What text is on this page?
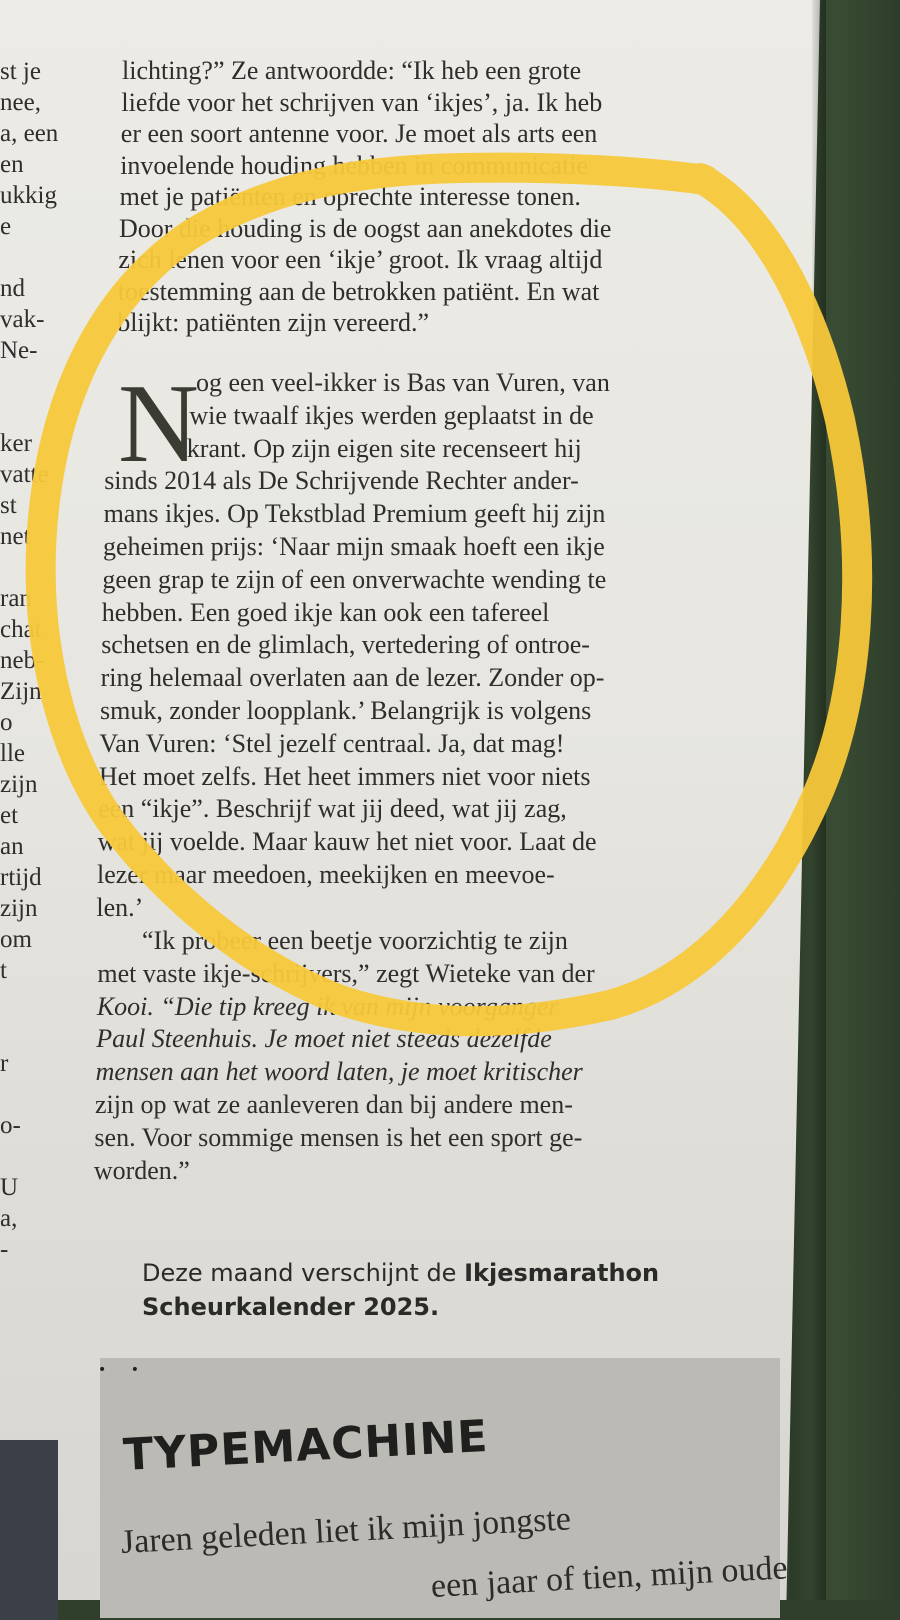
st je
nee,
a, een
en
ukkig
e
nd
vak-
Ne-
ker
vatte
st
net
ran
chat
neb-
Zijn
o
lle
zijn
et
an
rtijd
zijn
om
t
r
o-
U
a,
-
lichting?” Ze antwoordde: “Ik heb een grote
liefde voor het schrijven van ‘ikjes’, ja. Ik heb
er een soort antenne voor. Je moet als arts een
invoelende houding hebben in communicatie
met je patiënten en oprechte interesse tonen.
Door die houding is de oogst aan anekdotes die
zich lenen voor een ‘ikje’ groot. Ik vraag altijd
toestemming aan de betrokken patiënt. En wat
blijkt: patiënten zijn vereerd.”
N
og een veel-ikker is Bas van Vuren, van
wie twaalf ikjes werden geplaatst in de
krant. Op zijn eigen site recenseert hij
sinds 2014 als De Schrijvende Rechter ander-
mans ikjes. Op Tekstblad Premium geeft hij zijn
geheimen prijs: ‘Naar mijn smaak hoeft een ikje
geen grap te zijn of een onverwachte wending te
hebben. Een goed ikje kan ook een tafereel
schetsen en de glimlach, vertedering of ontroe-
ring helemaal overlaten aan de lezer. Zonder op-
smuk, zonder loopplank.’ Belangrijk is volgens
Van Vuren: ‘Stel jezelf centraal. Ja, dat mag!
Het moet zelfs. Het heet immers niet voor niets
een “ikje”. Beschrijf wat jij deed, wat jij zag,
wat jij voelde. Maar kauw het niet voor. Laat de
lezer maar meedoen, meekijken en meevoe-
len.’
“Ik probeer een beetje voorzichtig te zijn
met vaste ikje-schrijvers,” zegt Wieteke van der
Kooi. “Die tip kreeg ik van mijn voorganger
Paul Steenhuis. Je moet niet steeds dezelfde
mensen aan het woord laten, je moet kritischer
zijn op wat ze aanleveren dan bij andere men-
sen. Voor sommige mensen is het een sport ge-
worden.”
Deze maand verschijnt de Ikjesmarathon
Scheurkalender 2025.
• •
TYPEMACHINE
Jaren geleden liet ik mijn jongste
een jaar of tien, mijn oude
